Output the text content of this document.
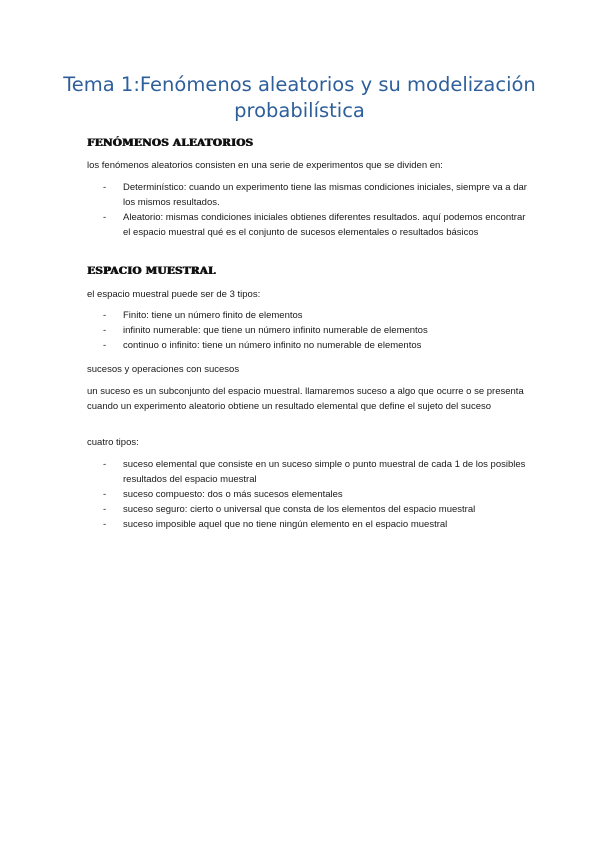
Tema 1:Fenómenos aleatorios y su modelización probabilística
FENÓMENOS ALEATORIOS
los fenómenos aleatorios consisten en una serie de experimentos que se dividen en:
- Determinístico: cuando un experimento tiene las mismas condiciones iniciales, siempre va a dar los mismos resultados.
- Aleatorio: mismas condiciones iniciales obtienes diferentes resultados. aquí podemos encontrar el espacio muestral qué es el conjunto de sucesos elementales o resultados básicos
ESPACIO MUESTRAL
el espacio muestral puede ser de 3 tipos:
- Finito: tiene un número finito de elementos
- infinito numerable: que tiene un número infinito numerable de elementos
- continuo o infinito: tiene un número infinito no numerable de elementos
sucesos y operaciones con sucesos
un suceso es un subconjunto del espacio muestral. llamaremos suceso a algo que ocurre o se presenta cuando un experimento aleatorio obtiene un resultado elemental que define el sujeto del suceso
cuatro tipos:
- suceso elemental que consiste en un suceso simple o punto muestral de cada 1 de los posibles resultados del espacio muestral
- suceso compuesto: dos o más sucesos elementales
- suceso seguro: cierto o universal que consta de los elementos del espacio muestral
- suceso imposible aquel que no tiene ningún elemento en el espacio muestral
